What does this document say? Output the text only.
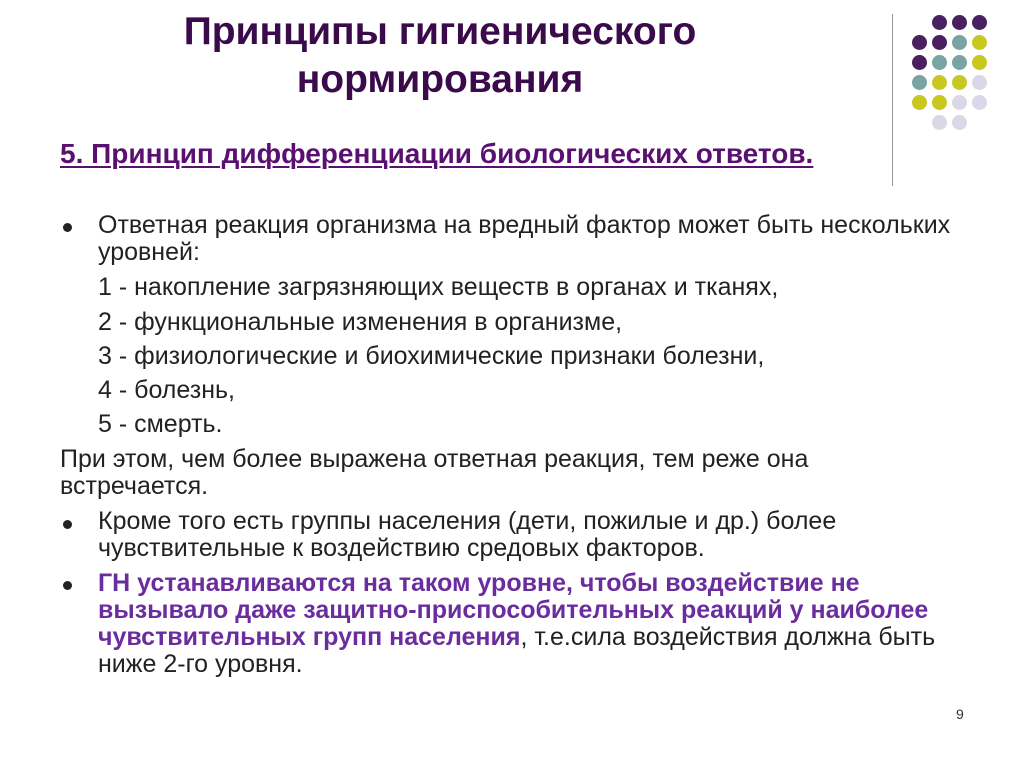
Принципы гигиенического нормирования

5. Принцип дифференциации биологических ответов.

Ответная реакция организма на вредный фактор может быть нескольких уровней:

1 - накопление загрязняющих веществ в органах и тканях,

2 - функциональные изменения в организме,

3 - физиологические и биохимические признаки болезни,

4 - болезнь,

5 - смерть.

При этом, чем более выражена ответная реакция, тем реже она встречается.

Кроме того есть группы населения (дети, пожилые и др.) более чувствительные к воздействию средовых факторов.

ГН устанавливаются на таком уровне, чтобы воздействие не вызывало даже защитно-приспособительных реакций у наиболее чувствительных групп населения, т.е.сила воздействия должна быть ниже 2-го уровня.

9
